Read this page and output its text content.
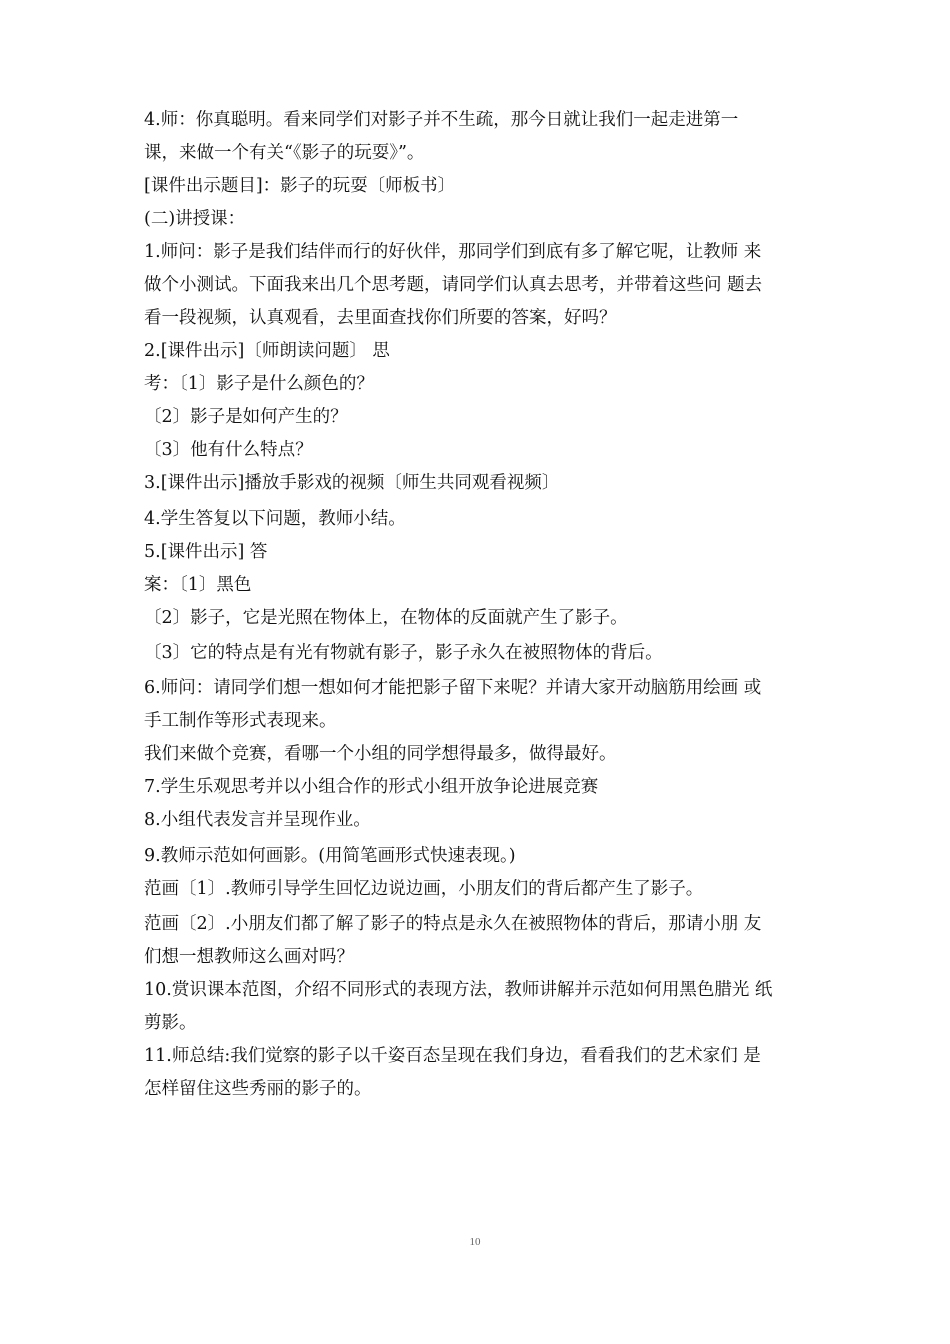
4.师：你真聪明。看来同学们对影子并不生疏，那今日就让我们一起走进第一
课，来做一个有关“《影子的玩耍》”。
[课件出示题目]：影子的玩耍〔师板书〕
(二)讲授课：
1.师问：影子是我们结伴而行的好伙伴，那同学们到底有多了解它呢，让教师 来
做个小测试。下面我来出几个思考题，请同学们认真去思考，并带着这些问 题去
看一段视频，认真观看，去里面查找你们所要的答案，好吗？
2.[课件出示]〔师朗读问题〕 思
考：〔1〕影子是什么颜色的？
〔2〕影子是如何产生的？
〔3〕他有什么特点？
3.[课件出示]播放手影戏的视频〔师生共同观看视频〕
4.学生答复以下问题，教师小结。
5.[课件出示] 答
案：〔1〕黑色
〔2〕影子，它是光照在物体上，在物体的反面就产生了影子。
〔3〕它的特点是有光有物就有影子，影子永久在被照物体的背后。
6.师问：请同学们想一想如何才能把影子留下来呢？并请大家开动脑筋用绘画 或
手工制作等形式表现来。
我们来做个竞赛，看哪一个小组的同学想得最多，做得最好。
7.学生乐观思考并以小组合作的形式小组开放争论进展竞赛
8.小组代表发言并呈现作业。
9.教师示范如何画影。(用简笔画形式快速表现。)
范画〔1〕.教师引导学生回忆边说边画，小朋友们的背后都产生了影子。
范画〔2〕.小朋友们都了解了影子的特点是永久在被照物体的背后，那请小朋 友
们想一想教师这么画对吗？
10.赏识课本范图，介绍不同形式的表现方法，教师讲解并示范如何用黑色腊光 纸
剪影。
11.师总结:我们觉察的影子以千姿百态呈现在我们身边，看看我们的艺术家们 是
怎样留住这些秀丽的影子的。
10
